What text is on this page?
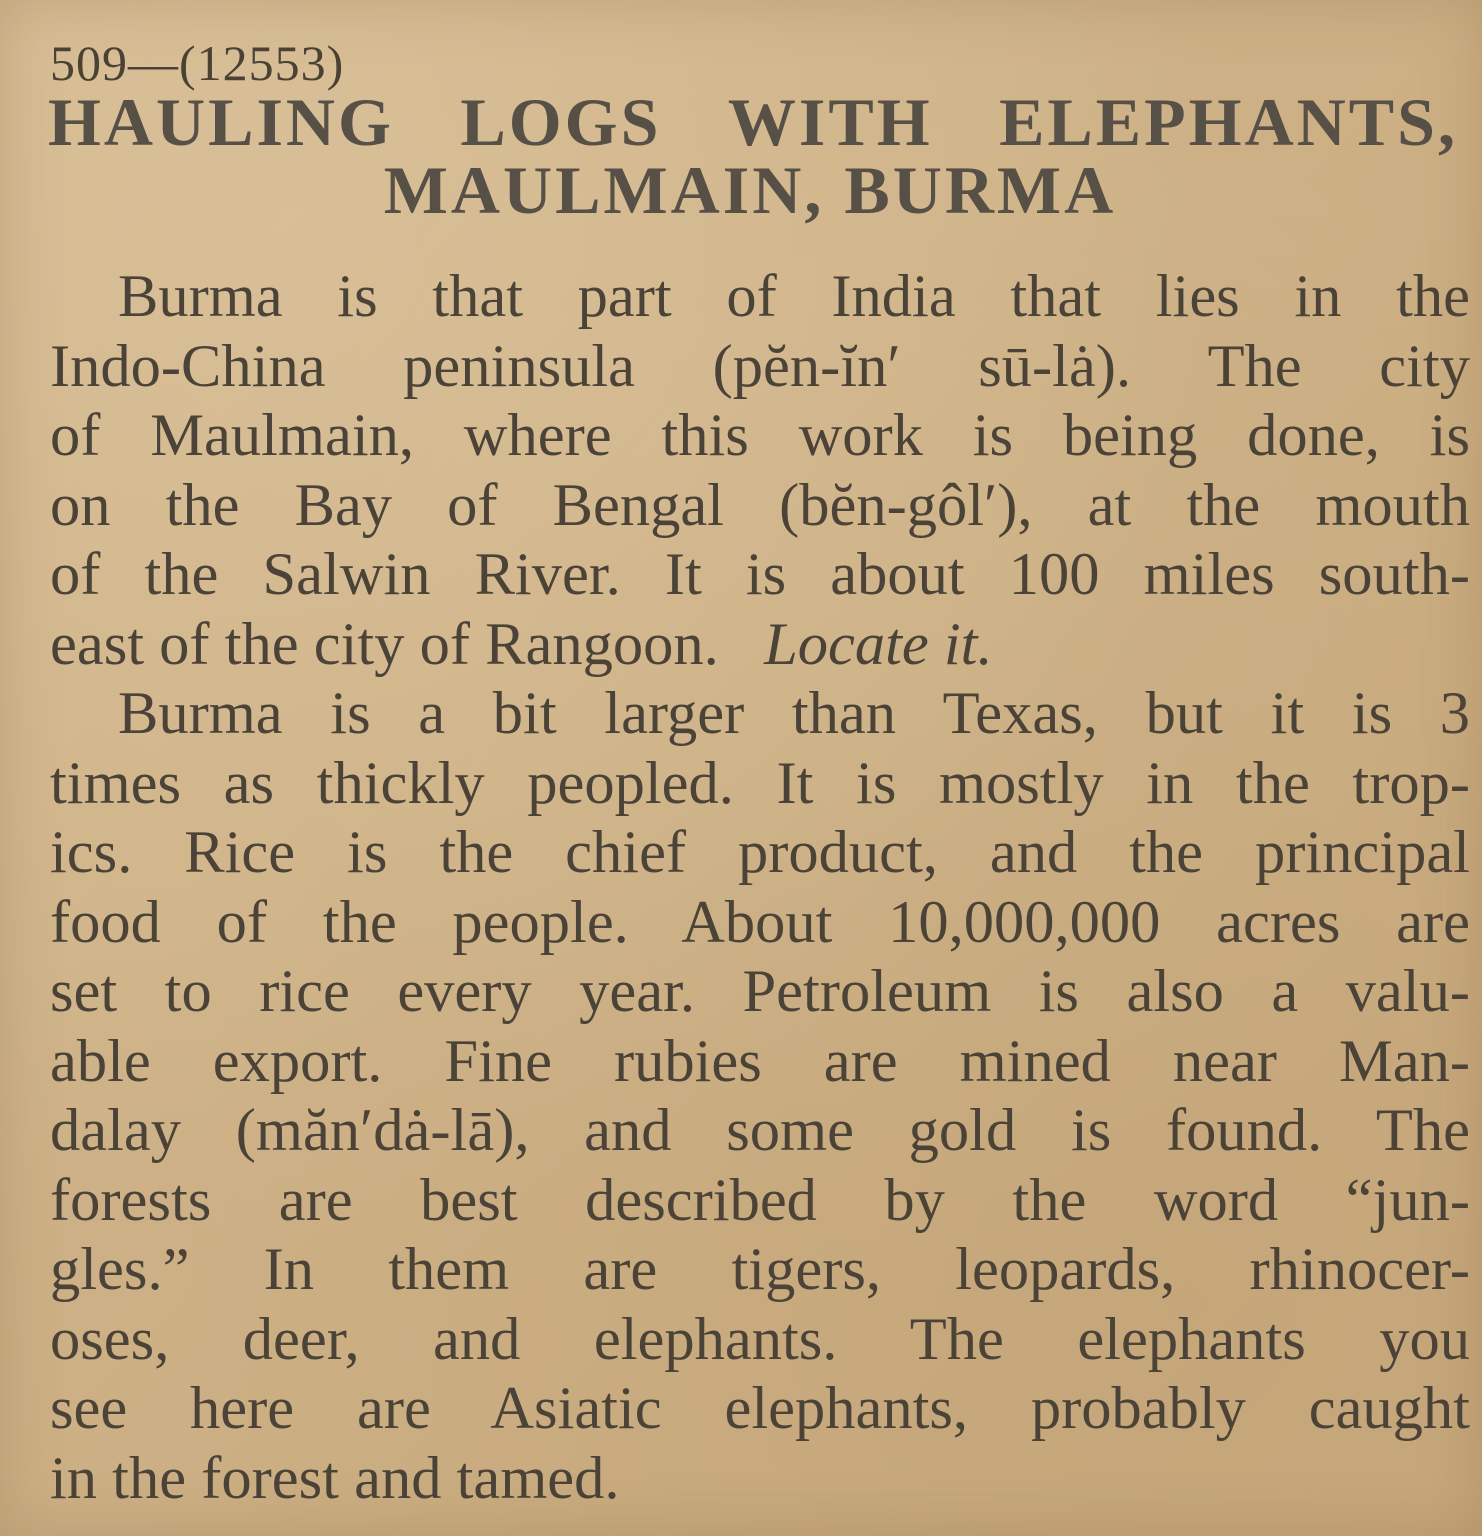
509—(12553)
HAULING LOGS WITH ELEPHANTS,
MAULMAIN, BURMA
Burma is that part of India that lies in the
Indo-China peninsula (pĕn-ĭn′ sū-lȧ). The city
of Maulmain, where this work is being done, is
on the Bay of Bengal (bĕn-gôl′), at the mouth
of the Salwin River. It is about 100 miles south-
east of the city of Rangoon. Locate it.
Burma is a bit larger than Texas, but it is 3
times as thickly peopled. It is mostly in the trop-
ics. Rice is the chief product, and the principal
food of the people. About 10,000,000 acres are
set to rice every year. Petroleum is also a valu-
able export. Fine rubies are mined near Man-
dalay (măn′dȧ-lā), and some gold is found. The
forests are best described by the word “jun-
gles.” In them are tigers, leopards, rhinocer-
oses, deer, and elephants. The elephants you
see here are Asiatic elephants, probably caught
in the forest and tamed.
